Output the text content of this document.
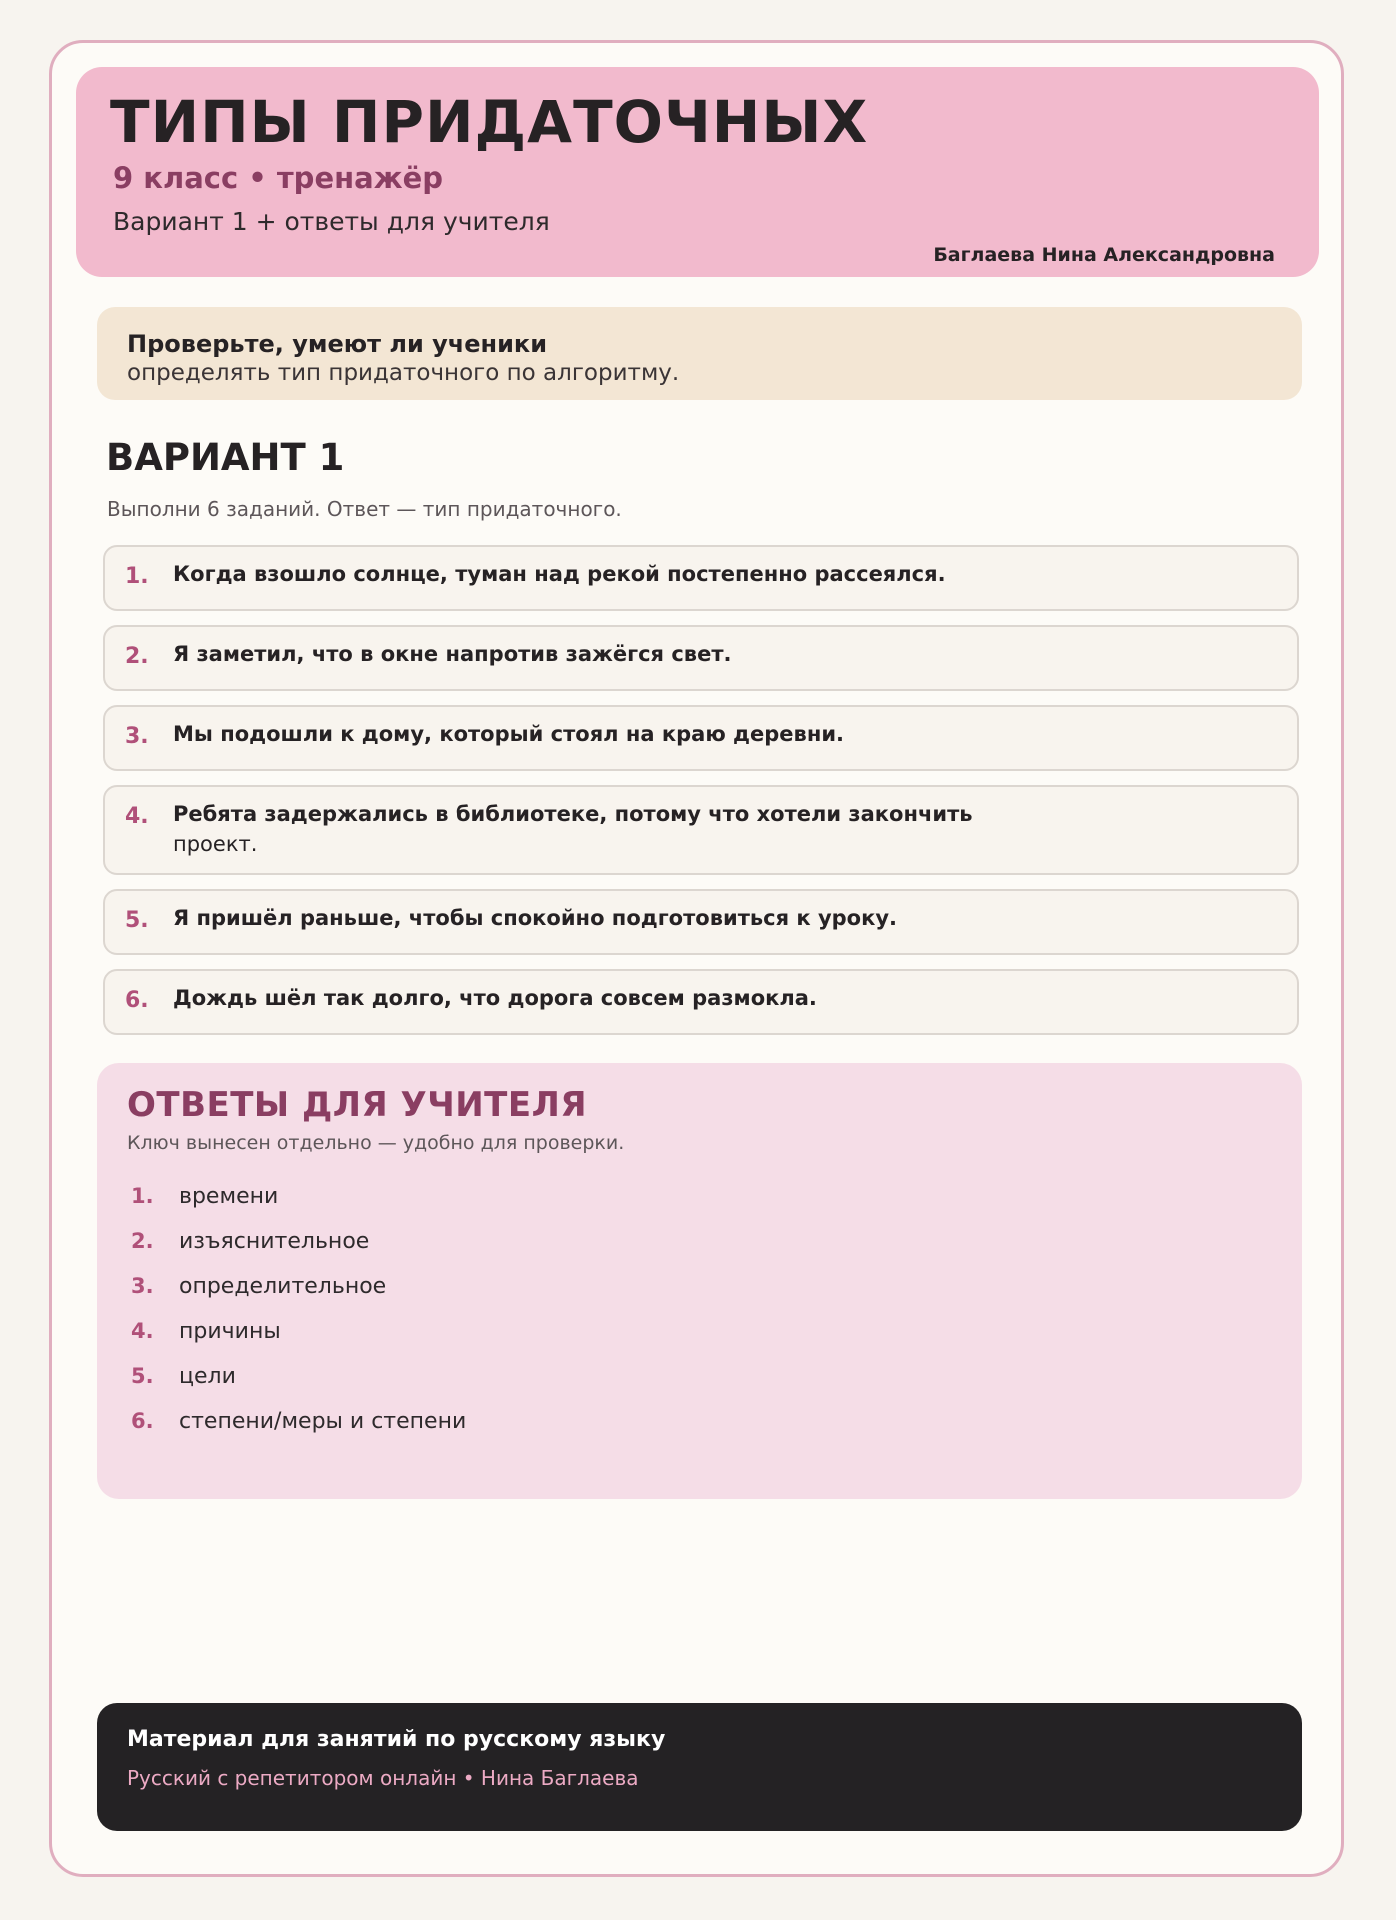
ТИПЫ ПРИДАТОЧНЫХ
9 класс • тренажёр
Вариант 1 + ответы для учителя
Баглаева Нина Александровна
Проверьте, умеют ли ученики
определять тип придаточного по алгоритму.
ВАРИАНТ 1
Выполни 6 заданий. Ответ — тип придаточного.
1. Когда взошло солнце, туман над рекой постепенно рассеялся.
2. Я заметил, что в окне напротив зажёгся свет.
3. Мы подошли к дому, который стоял на краю деревни.
4. Ребята задержались в библиотеке, потому что хотели закончить
проект.
5. Я пришёл раньше, чтобы спокойно подготовиться к уроку.
6. Дождь шёл так долго, что дорога совсем размокла.
ОТВЕТЫ ДЛЯ УЧИТЕЛЯ
Ключ вынесен отдельно — удобно для проверки.
1.	времени
2.	изъяснительное
3.	определительное
4.	причины
5.	цели
6.	степени/меры и степени
Материал для занятий по русскому языку
Русский с репетитором онлайн • Нина Баглаева
